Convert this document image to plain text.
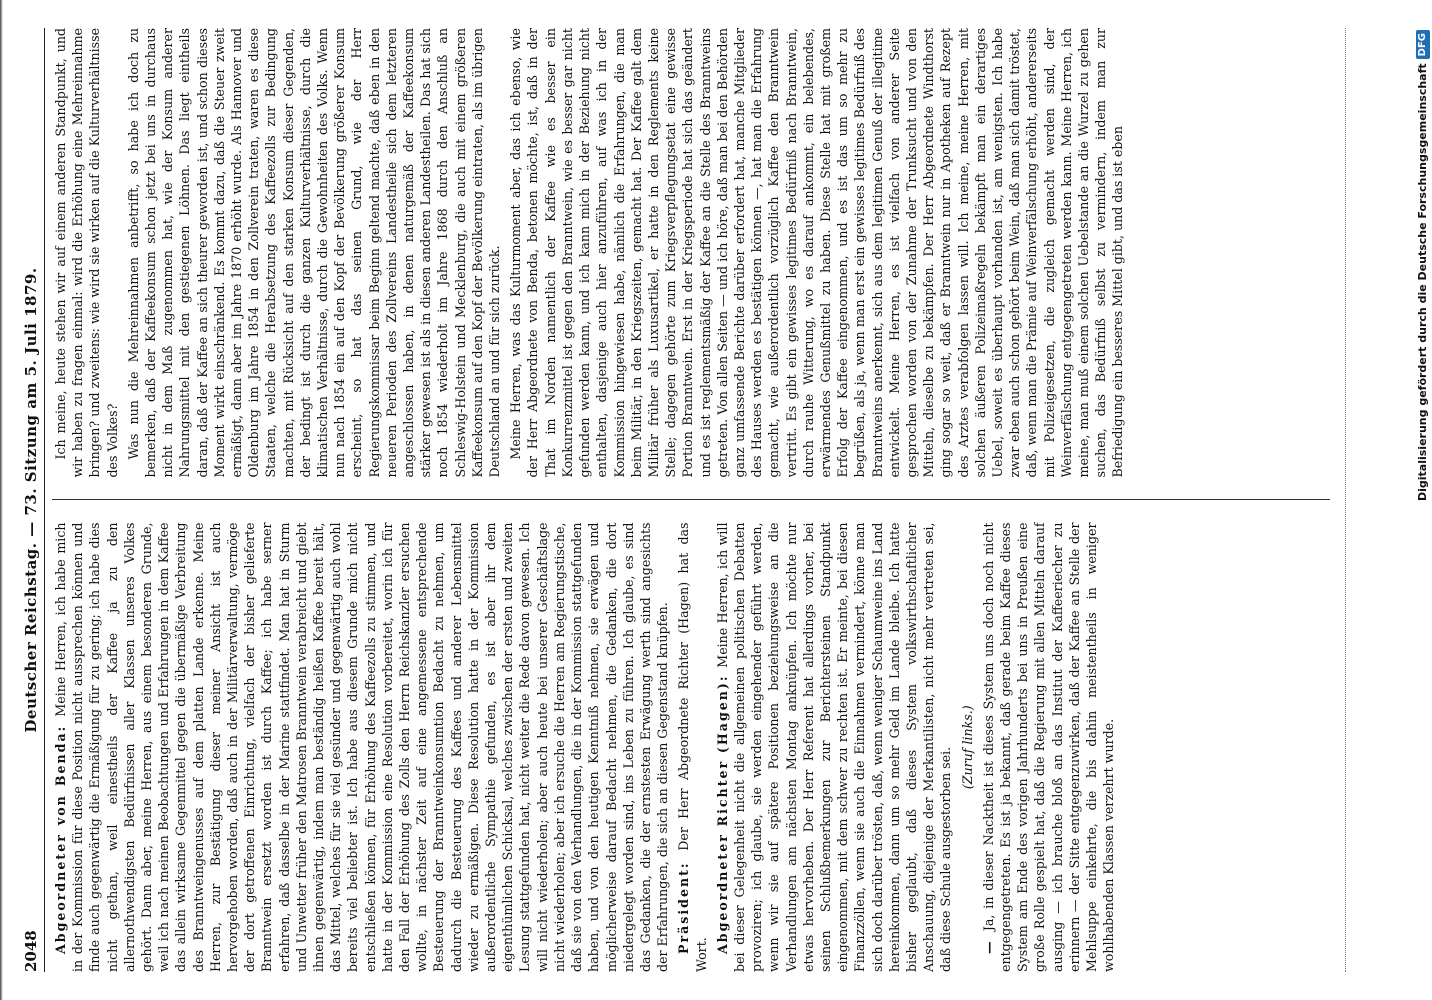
2048
Deutscher Reichstag. — 73. Sitzung am 5. Juli 1879.

Abgeordneter von Benda: Meine Herren, ich habe mich in der Kommission für diese Position nicht aussprechen können und finde auch gegenwärtig die Ermäßigung für zu gering; ich habe dies nicht gethan, weil einestheils der Kaffee ja zu den allernothwendigsten Bedürfnissen aller Klassen unseres Volkes gehört. Dann aber, meine Herren, aus einem besonderen Grunde, weil ich nach meinen Beobachtungen und Erfahrungen in dem Kaffee das allein wirksame Gegenmittel gegen die übermäßige Verbreitung des Branntweingenusses auf dem platten Lande erkenne. Meine Herren, zur Bestätigung dieser meiner Ansicht ist auch hervorgehoben worden, daß auch in der Militärverwaltung, vermöge der dort getroffenen Einrichtung, vielfach der bisher gelieferte Branntwein ersetzt worden ist durch Kaffee; ich habe serner erfahren, daß dasselbe in der Marine stattfindet. Man hat in Sturm und Unwetter früher den Matrosen Branntwein verabreicht und giebt ihnen gegenwärtig, indem man beständig heißen Kaffee bereit hält, das Mittel, welches für sie viel gesünder und gegenwärtig auch wohl bereits viel beliebter ist. Ich habe aus diesem Grunde mich nicht entschließen können, für Erhöhung des Kaffeezolls zu stimmen, und hatte in der Kommission eine Resolution vorbereitet, worin ich für den Fall der Erhöhung des Zolls den Herrn Reichskanzler ersuchen wollte, in nächster Zeit auf eine angemessene entsprechende Besteuerung der Branntweinkonsumtion Bedacht zu nehmen, um dadurch die Besteuerung des Kaffees und anderer Lebensmittel wieder zu ermäßigen. Diese Resolution hatte in der Kommission außerordentliche Sympathie gefunden, es ist aber ihr dem eigenthümlichen Schicksal, welches zwischen der ersten und zweiten Lesung stattgefunden hat, nicht weiter die Rede davon gewesen. Ich will nicht wiederholen; aber auch heute bei unserer Geschäftslage nicht wiederholen; aber ich ersuche die Herren am Regierungstische, daß sie von den Verhandlungen, die in der Kommission stattgefunden haben, und von den heutigen Kenntniß nehmen, sie erwägen und möglicherweise darauf Bedacht nehmen, die Gedanken, die dort niedergelegt worden sind, ins Leben zu führen. Ich glaube, es sind das Gedanken, die der ernstesten Erwägung werth sind angesichts der Erfahrungen, die sich an diesen Gegenstand knüpfen. Präsident: Der Herr Abgeordnete Richter (Hagen) hat das Wort.

Abgeordneter Richter (Hagen): Meine Herren, ich will bei dieser Gelegenheit nicht die allgemeinen politischen Debatten provoziren; ich glaube, sie werden eingehender geführt werden, wenn wir sie auf spätere Positionen beziehungsweise an die Verhandlungen am nächsten Montag anknüpfen. Ich möchte nur etwas hervorheben. Der Herr Referent hat allerdings vorher, bei seinen Schlußbemerkungen zur Berichtersteinen Standpunkt eingenommen, mit dem schwer zu rechten ist. Er meinte, bei diesen Finanzzöllen, wenn sie auch die Einnahmen vermindert, könne man sich doch darüber trösten, daß, wenn weniger Schaumweine ins Land hereinkommen, dann um so mehr Geld im Lande bleibe. Ich hatte bisher geglaubt, daß dieses System volkswirthschaftlicher Anschauung, diejenige der Merkantilisten, nicht mehr vertreten sei, daß diese Schule ausgestorben sei. (Zuruf links.)

— Ja, in dieser Nacktheit ist dieses System uns doch noch nicht entgegengetreten. Es ist ja bekannt, daß gerade beim Kaffee dieses System am Ende des vorigen Jahrhunderts bei uns in Preußen eine große Rolle gespielt hat, daß die Regierung mit allen Mitteln darauf ausging — ich brauche bloß an das Institut der Kaffeeriecher zu erinnern — der Sitte entgegenzuwirken, daß der Kaffee an Stelle der Mehlsuppe einkehrte, die bis dahin meistentheils in weniger wohlhabenden Klassen verzehrt wurde.

Ich meine, heute stehen wir auf einem anderen Standpunkt, und wir haben zu fragen einmal: wird die Erhöhung eine Mehreinnahme bringen? und zweitens: wie wird sie wirken auf die Kulturverhältnisse des Volkes? Was nun die Mehreinnahmen anbetrifft, so habe ich doch zu bemerken, daß der Kaffeekonsum schon jetzt bei uns in durchaus nicht in dem Maß zugenommen hat, wie der Konsum anderer Nahrungsmittel mit den gestiegenen Löhnen. Das liegt eintheils daran, daß der Kaffee an sich theurer geworden ist, und schon dieses Moment wirkt einschränkend. Es kommt dazu, daß die Steuer zweit ermäßigt, dann aber im Jahre 1870 erhöht wurde. Als Hannover und Oldenburg im Jahre 1854 in den Zollverein traten, waren es diese Staaten, welche die Herabsetzung des Kaffeezolls zur Bedingung machten, mit Rücksicht auf den starken Konsum dieser Gegenden, der bedingt ist durch die ganzen Kulturverhältnisse, durch die klimatischen Verhältnisse, durch die Gewohnheiten des Volks. Wenn nun nach 1854 ein auf den Kopf der Bevölkerung größerer Konsum erscheint, so hat das seinen Grund, wie der Herr Regierungskommissar beim Beginn geltend machte, daß eben in den neueren Perioden des Zollvereins Landestheile sich dem letzteren angeschlossen haben, in denen naturgemäß der Kaffeekonsum stärker gewesen ist als in diesen anderen Landestheilen. Das hat sich noch 1854 wiederholt im Jahre 1868 durch den Anschluß an Schleswig-Holstein und Mecklenburg, die auch mit einem größeren Kaffeekonsum auf den Kopf der Bevölkerung eintraten, als im übrigen Deutschland an und für sich zurück. Meine Herren, was das Kulturmoment aber, das ich ebenso, wie der Herr Abgeordnete von Benda, betonen möchte, ist, daß in der That im Norden namentlich der Kaffee wie es besser ein Konkurrenzmittel ist gegen den Branntwein, wie es besser gar nicht gefunden werden kann, und ich kann mich in der Beziehung nicht enthalten, dasjenige auch hier anzuführen, auf was ich in der Kommission hingewiesen habe, nämlich die Erfahrungen, die man beim Militär, in den Kriegszeiten, gemacht hat. Der Kaffee galt dem Militär früher als Luxusartikel, er hatte in den Reglements keine Stelle; dagegen gehörte zum Kriegsverpflegungsetat eine gewisse Portion Branntwein. Erst in der Kriegsperiode hat sich das geändert und es ist reglementsmäßig der Kaffee an die Stelle des Branntweins getreten. Von allen Seiten — und ich höre, daß man bei den Behörden ganz umfassende Berichte darüber erfordert hat, manche Mitglieder des Hauses werden es bestätigen können —, hat man die Erfahrung gemacht, wie außerordentlich vorzüglich Kaffee den Branntwein vertritt. Es gibt ein gewisses legitimes Bedürfniß nach Branntwein, durch rauhe Witterung, wo es darauf ankommt, ein belebendes, erwärmendes Genußmittel zu haben. Diese Stelle hat mit großem Erfolg der Kaffee eingenommen, und es ist das um so mehr zu begrüßen, als ja, wenn man erst ein gewisses legitimes Bedürfniß des Branntweins anerkennt, sich aus dem legitimen Genuß der illegitime entwickelt. Meine Herren, es ist vielfach von anderer Seite gesprochen worden von der Zunahme der Trunksucht und von den Mitteln, dieselbe zu bekämpfen. Der Herr Abgeordnete Windthorst ging sogar so weit, daß er Branntwein nur in Apotheken auf Rezept des Arztes verabfolgen lassen will. Ich meine, meine Herren, mit solchen äußeren Polizeimaßregeln bekämpft man ein derartiges Uebel, soweit es überhaupt vorhanden ist, am wenigsten. Ich habe zwar eben auch schon gehört beim Wein, daß man sich damit tröstet, daß, wenn man die Prämie auf Weinverfälschung erhöht, andererseits mit Polizeigesetzen, die zugleich gemacht werden sind, der Weinverfälschung entgegengetreten werden kann. Meine Herren, ich meine, man muß einem solchen Uebelstande an die Wurzel zu gehen suchen, das Bedürfniß selbst zu vermindern, indem man zur Befriedigung ein besseres Mittel gibt, und das ist eben	Digitalisierung gefördert durch die Deutsche Forschungsgemeinschaft
DFG
